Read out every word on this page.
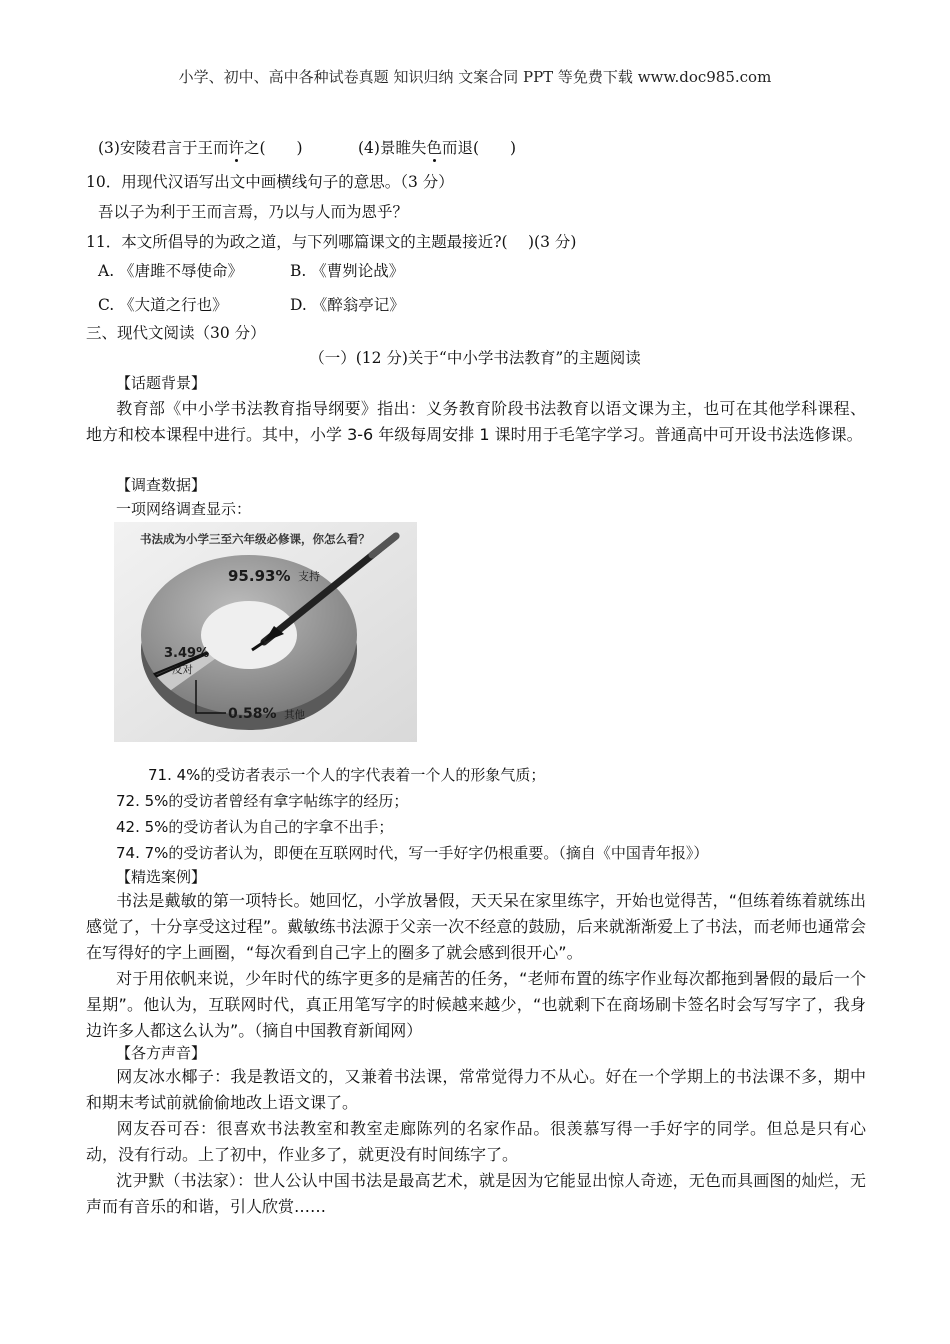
小学、初中、高中各种试卷真题 知识归纳 文案合同 PPT 等免费下载 www.doc985.com
(3)安陵君言于王而许之(　　)	(4)景睢失色而退(　　)
10．用现代汉语写出文中画横线句子的意思。（3 分）
吾以子为利于王而言焉，乃以与人而为恩乎？
11．本文所倡导的为政之道，与下列哪篇课文的主题最接近?(　 )(3 分)
A. 《唐雎不辱使命》	B. 《曹刿论战》
C. 《大道之行也》	D. 《醉翁亭记》
三、现代文阅读（30 分）
（一）(12 分)关于“中小学书法教育”的主题阅读
【话题背景】
教育部《中小学书法教育指导纲要》指出：义务教育阶段书法教育以语文课为主，也可在其他学科课程、地方和校本课程中进行。其中，小学 3-6 年级每周安排 1 课时用于毛笔字学习。普通高中可开设书法选修课。
【调查数据】
一项网络调查显示：
书法成为小学三至六年级必修课，你怎么看？
95.93% 支持
3.49%
反对
0.58% 其他
71. 4%的受访者表示一个人的字代表着一个人的形象气质；
72. 5%的受访者曾经有拿字帖练字的经历；
42. 5%的受访者认为自己的字拿不出手；
74. 7%的受访者认为，即便在互联网时代，写一手好字仍根重要。（摘自《中国青年报》）
【精选案例】
书法是戴敏的第一项特长。她回忆，小学放暑假，天天呆在家里练字，开始也觉得苦，“但练着练着就练出感觉了，十分享受这过程”。戴敏练书法源于父亲一次不经意的鼓励，后来就渐渐爱上了书法，而老师也通常会在写得好的字上画圈，“每次看到自己字上的圈多了就会感到很开心”。
对于用依帆来说，少年时代的练字更多的是痛苦的任务，“老师布置的练字作业每次都拖到暑假的最后一个星期”。他认为，互联网时代，真正用笔写字的时候越来越少，“也就剩下在商场刷卡签名时会写写字了，我身边许多人都这么认为”。（摘自中国教育新闻网）
【各方声音】
网友冰水椰子：我是教语文的，又兼着书法课，常常觉得力不从心。好在一个学期上的书法课不多，期中和期末考试前就偷偷地改上语文课了。
网友吞可吞：很喜欢书法教室和教室走廊陈列的名家作品。很羡慕写得一手好字的同学。但总是只有心动，没有行动。上了初中，作业多了，就更没有时间练字了。
沈尹默（书法家）：世人公认中国书法是最高艺术，就是因为它能显出惊人奇迹，无色而具画图的灿烂，无声而有音乐的和谐，引人欣赏……
